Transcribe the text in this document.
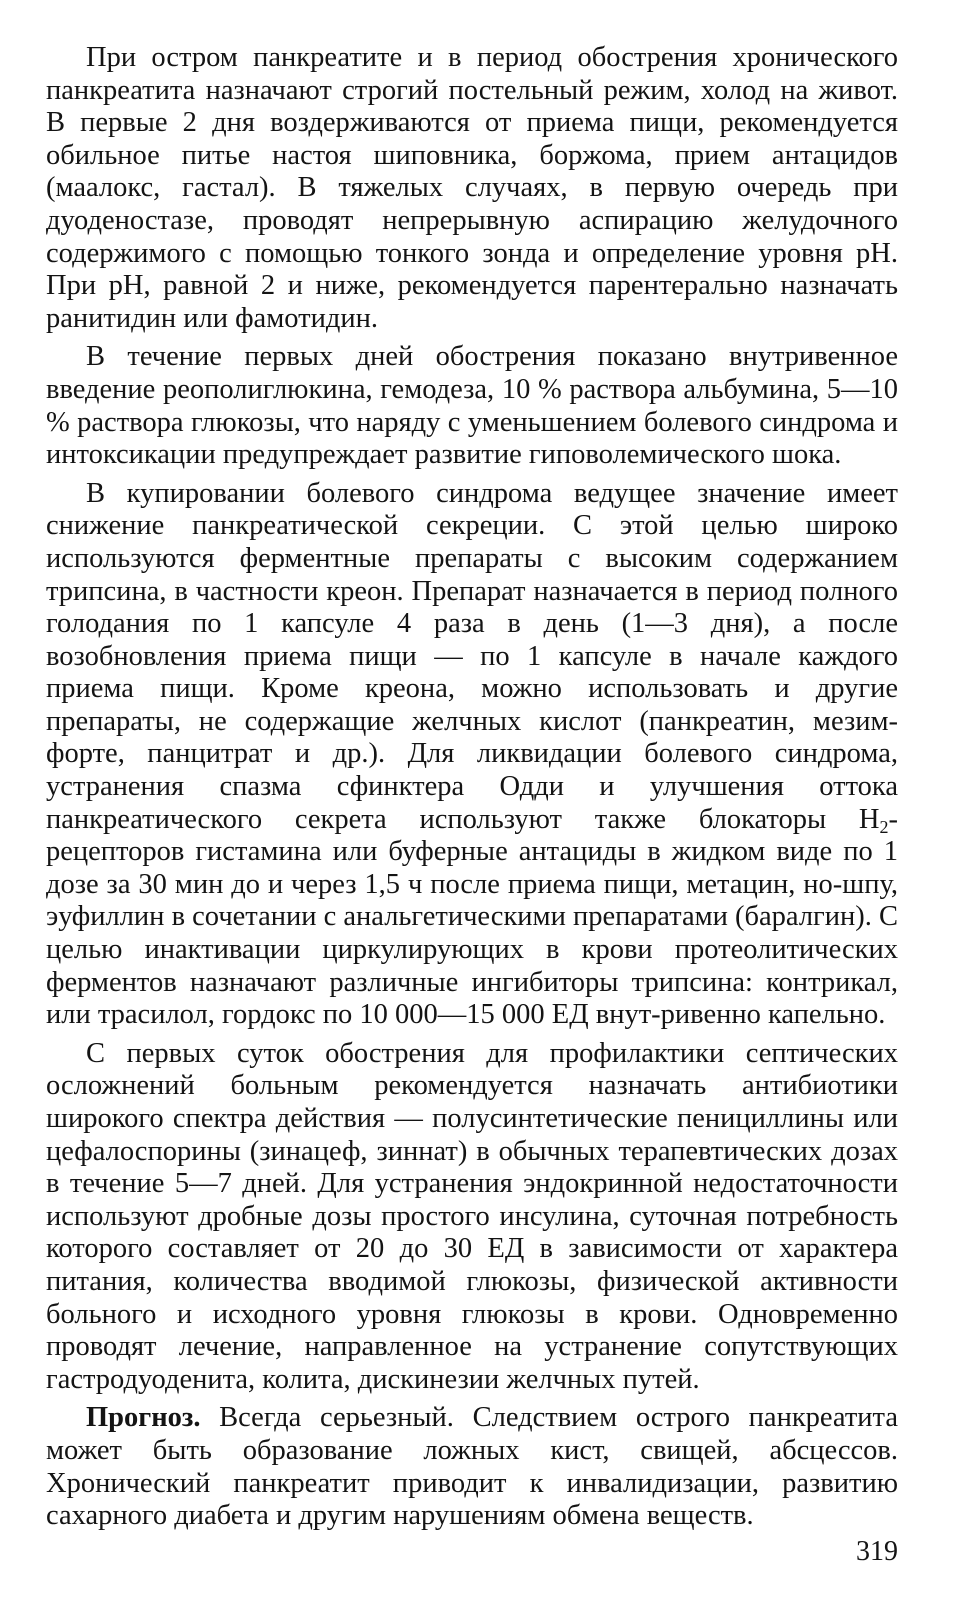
При остром панкреатите и в период обострения хронического панкреатита назначают строгий постельный режим, холод на живот. В первые 2 дня воздерживаются от приема пищи, рекомендуется обильное питье настоя шиповника, боржома, прием антацидов (маалокс, гастал). В тяжелых случаях, в первую очередь при дуоденостазе, проводят непрерывную аспирацию желудочного содержимого с помощью тонкого зонда и определение уровня pH. При pH, равной 2 и ниже, рекомендуется парентерально назначать ранитидин или фамотидин.

В течение первых дней обострения показано внутривенное введение реополиглюкина, гемодеза, 10 % раствора альбумина, 5—10 % раствора глюкозы, что наряду с уменьшением болевого синдрома и интоксикации предупреждает развитие гиповолемического шока.

В купировании болевого синдрома ведущее значение имеет снижение панкреатической секреции. С этой целью широко используются ферментные препараты с высоким содержанием трипсина, в частности креон. Препарат назначается в период полного голодания по 1 капсуле 4 раза в день (1—3 дня), а после возобновления приема пищи — по 1 капсуле в начале каждого приема пищи. Кроме креона, можно использовать и другие препараты, не содержащие желчных кислот (панкреатин, мезим-форте, панцитрат и др.). Для ликвидации болевого синдрома, устранения спазма сфинктера Одди и улучшения оттока панкреатического секрета используют также блокаторы $Н_2$-рецепторов гистамина или буферные антациды в жидком виде по 1 дозе за 30 мин до и через 1,5 ч после приема пищи, метацин, но-шпу, эуфиллин в сочетании с анальгетическими препаратами (баралгин). С целью инактивации циркулирующих в крови протеолитических ферментов назначают различные ингибиторы трипсина: контрикал, или трасилол, гордокс по 10 000—15 000 ЕД внут-ривенно капельно.

С первых суток обострения для профилактики септических осложнений больным рекомендуется назначать антибиотики широкого спектра действия — полусинтетические пенициллины или цефалоспорины (зинацеф, зиннат) в обычных терапевтических дозах в течение 5—7 дней. Для устранения эндокринной недостаточности используют дробные дозы простого инсулина, суточная потребность которого составляет от 20 до 30 ЕД в зависимости от характера питания, количества вводимой глюкозы, физической активности больного и исходного уровня глюкозы в крови. Одновременно проводят лечение, направленное на устранение сопутствующих гастродуоденита, колита, дискинезии желчных путей.

Прогноз. Всегда серьезный. Следствием острого панкреатита может быть образование ложных кист, свищей, абсцессов. Хронический панкреатит приводит к инвалидизации, развитию сахарного диабета и другим нарушениям обмена веществ.

319
